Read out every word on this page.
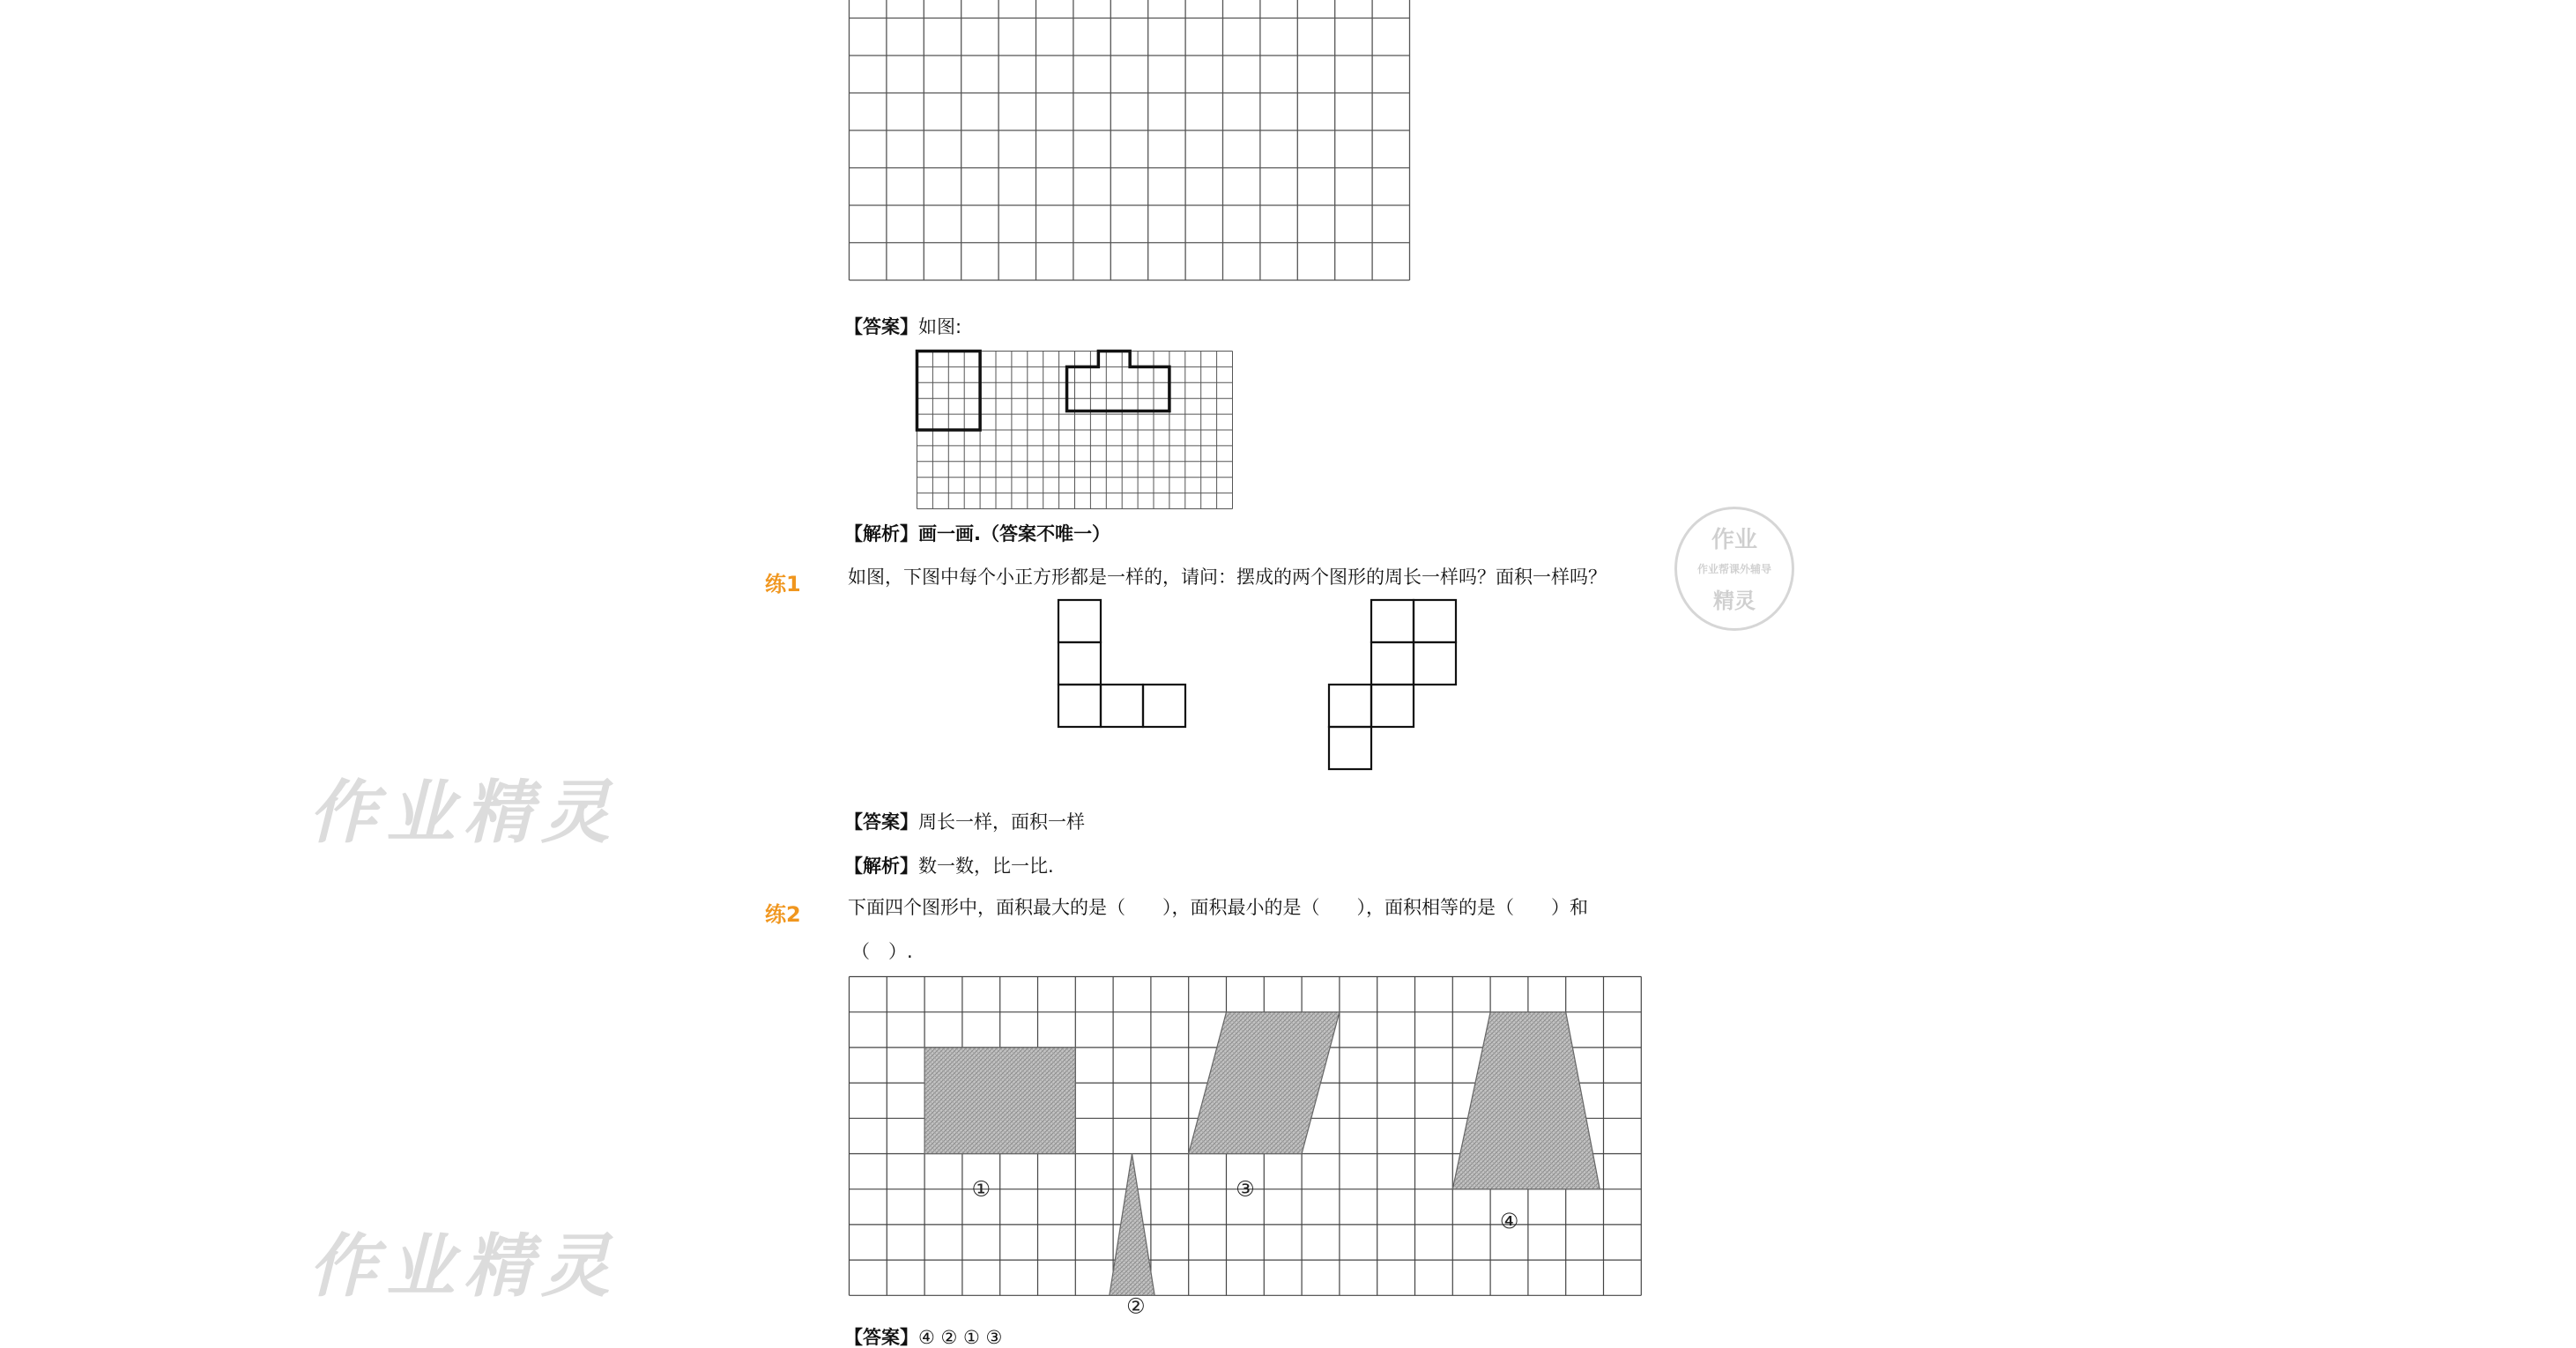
作业精灵
作业精灵
作业
作业帮课外辅导
精灵
【答案】如图:
【解析】画一画.（答案不唯一）
练1	如图，下图中每个小正方形都是一样的，请问：摆成的两个图形的周长一样吗？面积一样吗？
【答案】周长一样，面积一样
【解析】数一数，比一比.
练2	下面四个图形中，面积最大的是（　　），面积最小的是（　　），面积相等的是（　　）和
（　）.
①
②
③
④
【答案】④ ② ① ③
